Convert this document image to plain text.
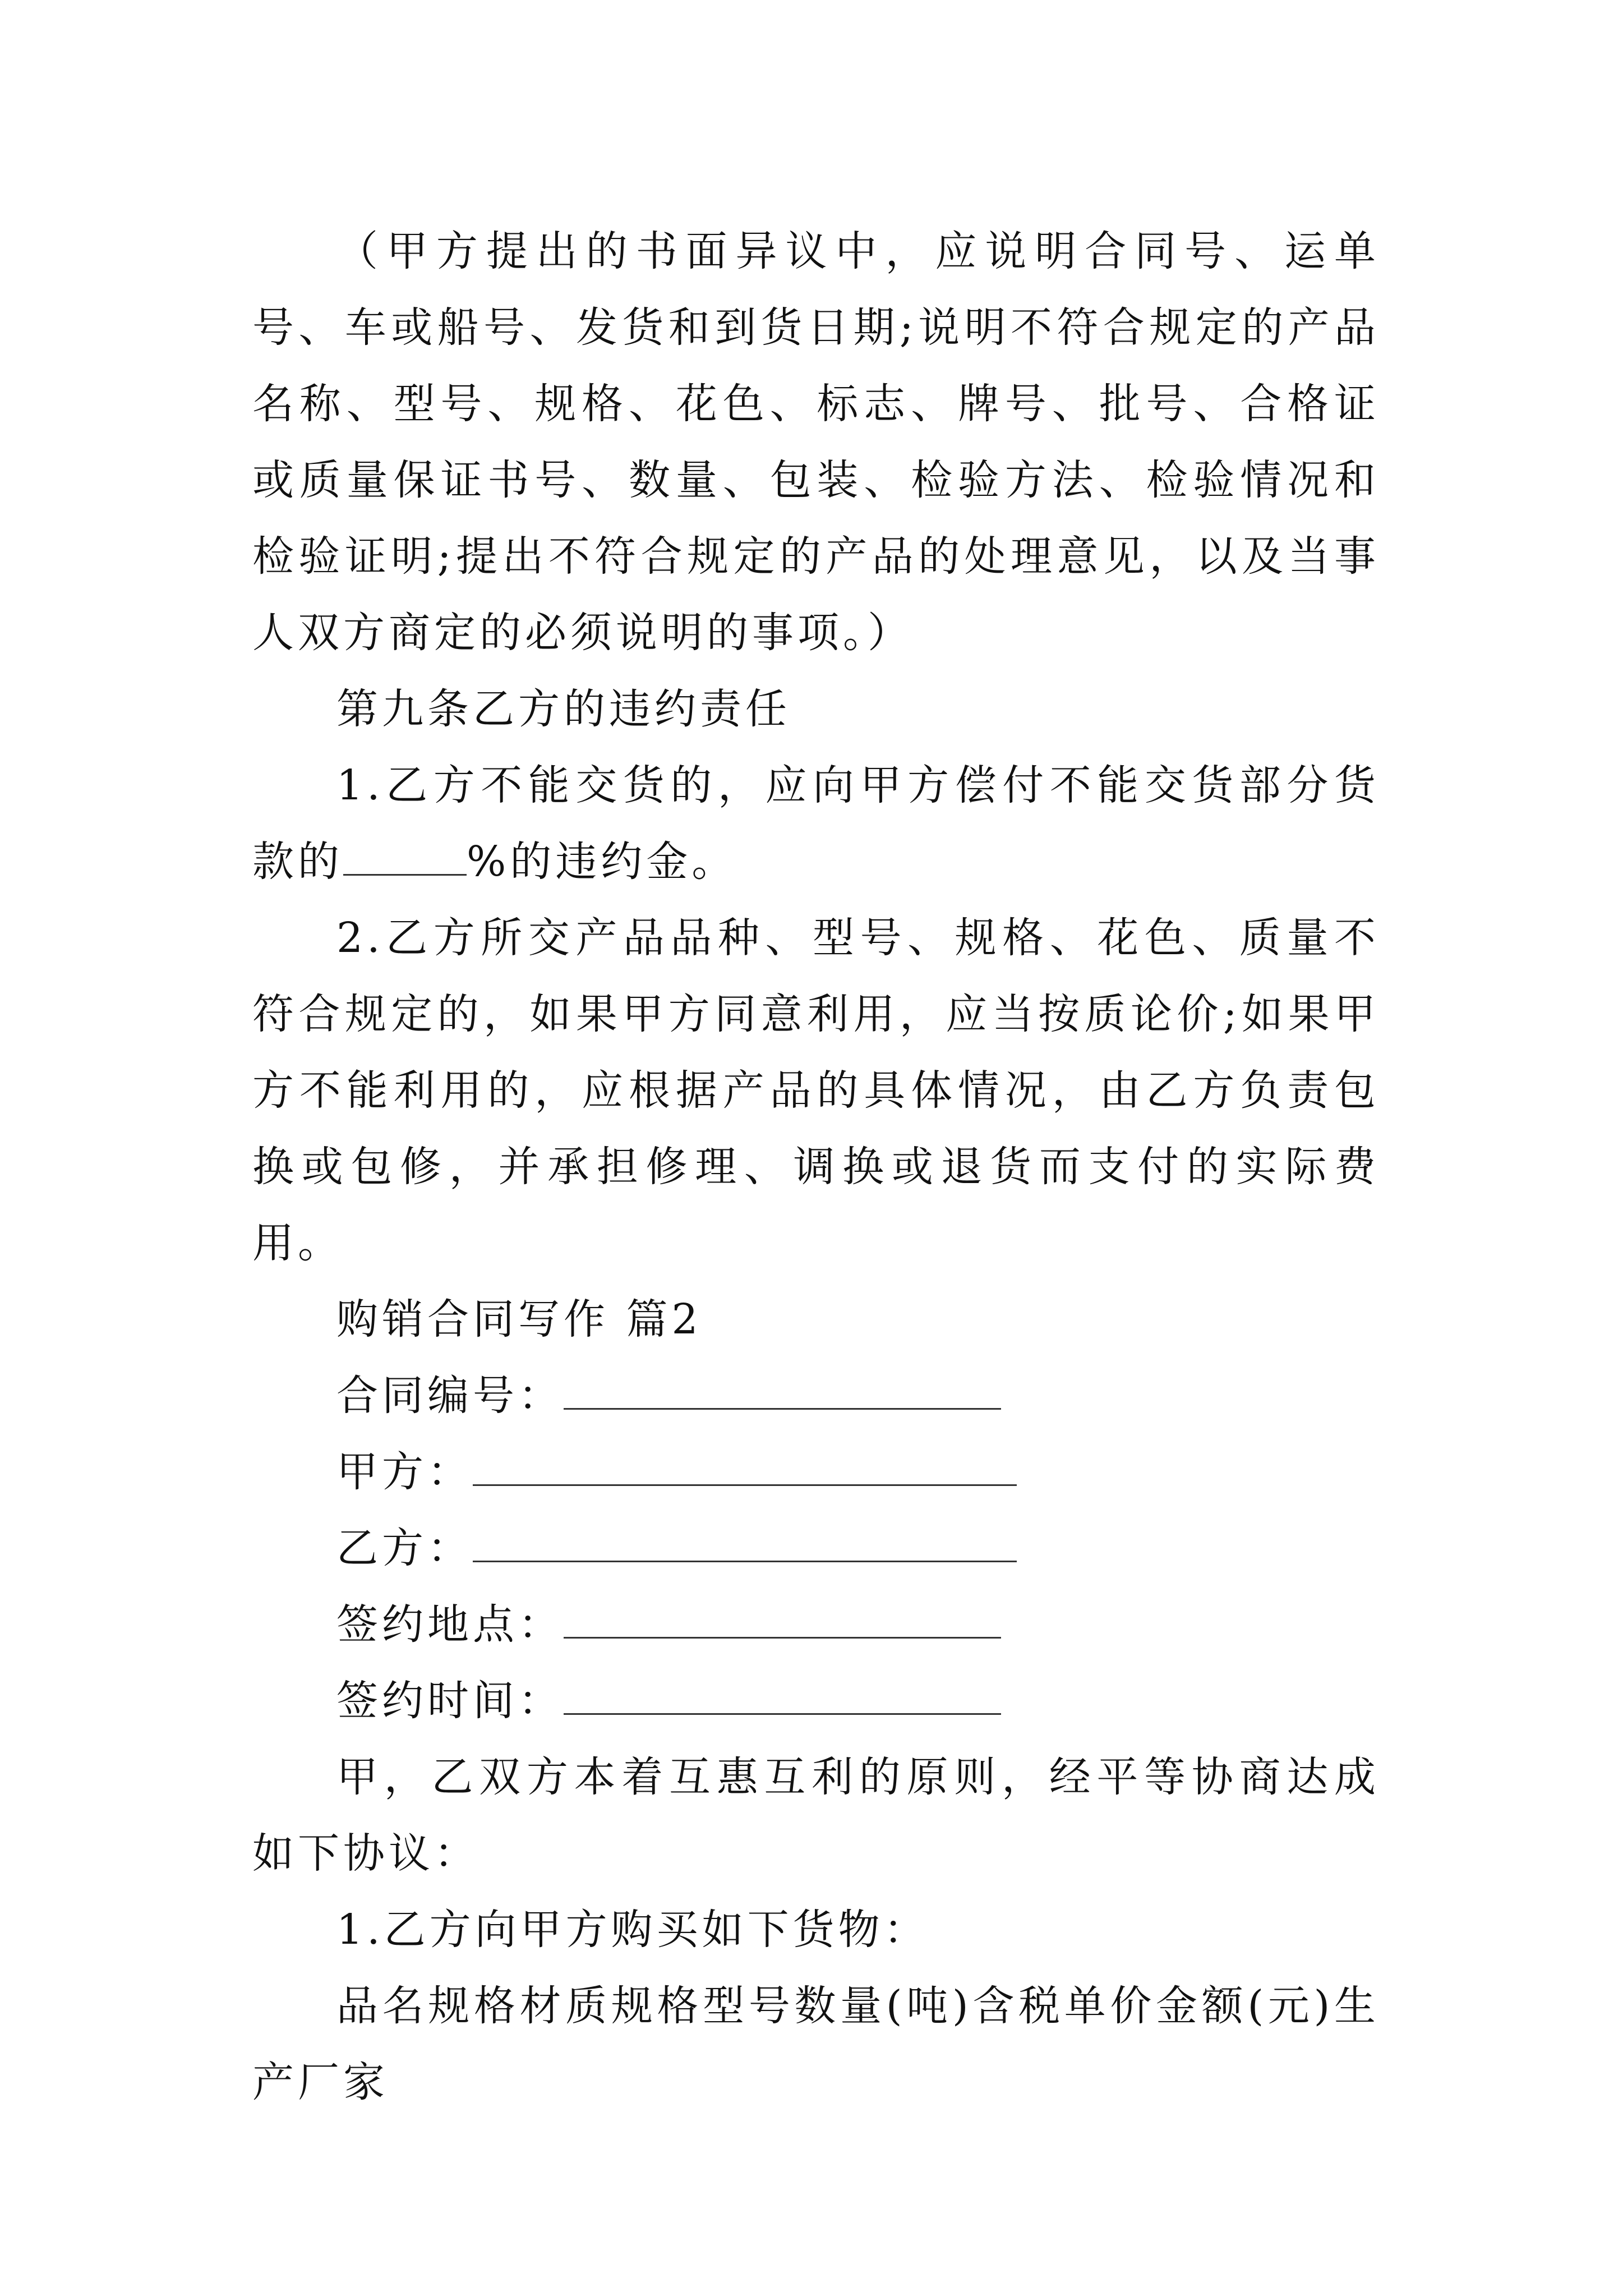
（甲方提出的书面异议中，应说明合同号、运单号、车或船号、发货和到货日期;说明不符合规定的产品名称、型号、规格、花色、标志、牌号、批号、合格证或质量保证书号、数量、包装、检验方法、检验情况和检验证明;提出不符合规定的产品的处理意见，以及当事人双方商定的必须说明的事项。）

第九条乙方的违约责任

1.乙方不能交货的，应向甲方偿付不能交货部分货款的	%的违约金。

2.乙方所交产品品种、型号、规格、花色、质量不符合规定的，如果甲方同意利用，应当按质论价;如果甲方不能利用的，应根据产品的具体情况，由乙方负责包换或包修，并承担修理、调换或退货而支付的实际费用。

购销合同写作 篇2

合同编号：

甲方：

乙方：

签约地点：

签约时间：

甲，乙双方本着互惠互利的原则，经平等协商达成如下协议：

1.乙方向甲方购买如下货物：

品名规格材质规格型号数量(吨)含税单价金额(元)生产厂家
